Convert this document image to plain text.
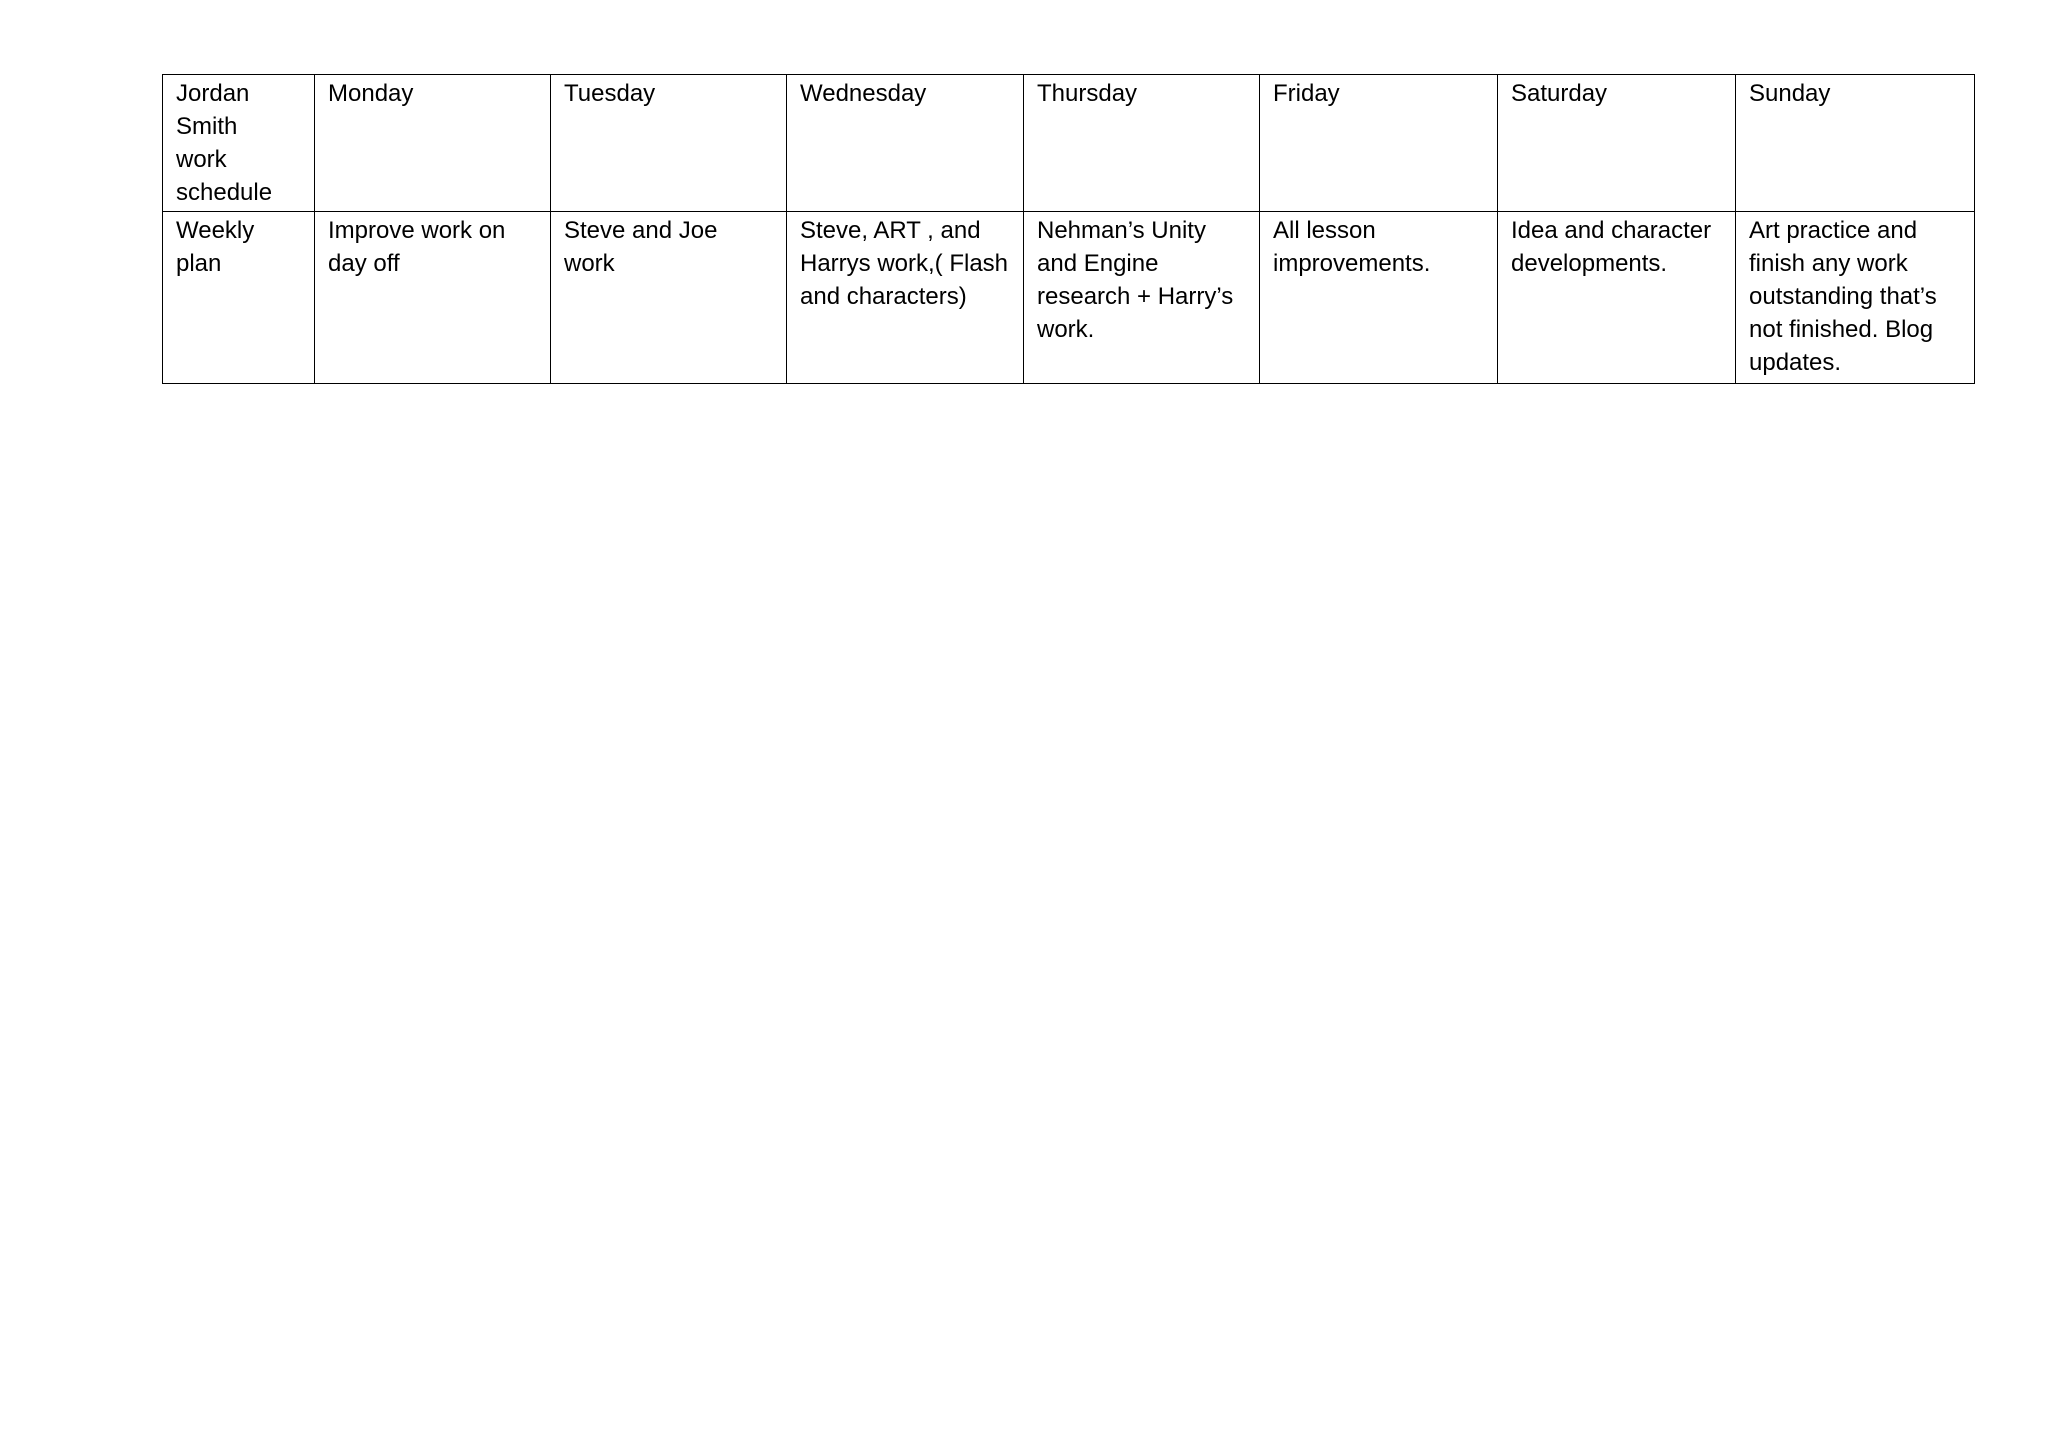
Jordan Smith
work schedule	Monday	Tuesday	Wednesday	Thursday	Friday	Saturday	Sunday

Weekly plan	Improve work on day off	Steve and Joe work	Steve, ART , and Harrys work,( Flash and characters)	Nehman’s Unity and Engine research + Harry’s work.	All lesson improvements.	Idea and character developments.	Art practice and finish any work outstanding that’s not finished. Blog updates.
